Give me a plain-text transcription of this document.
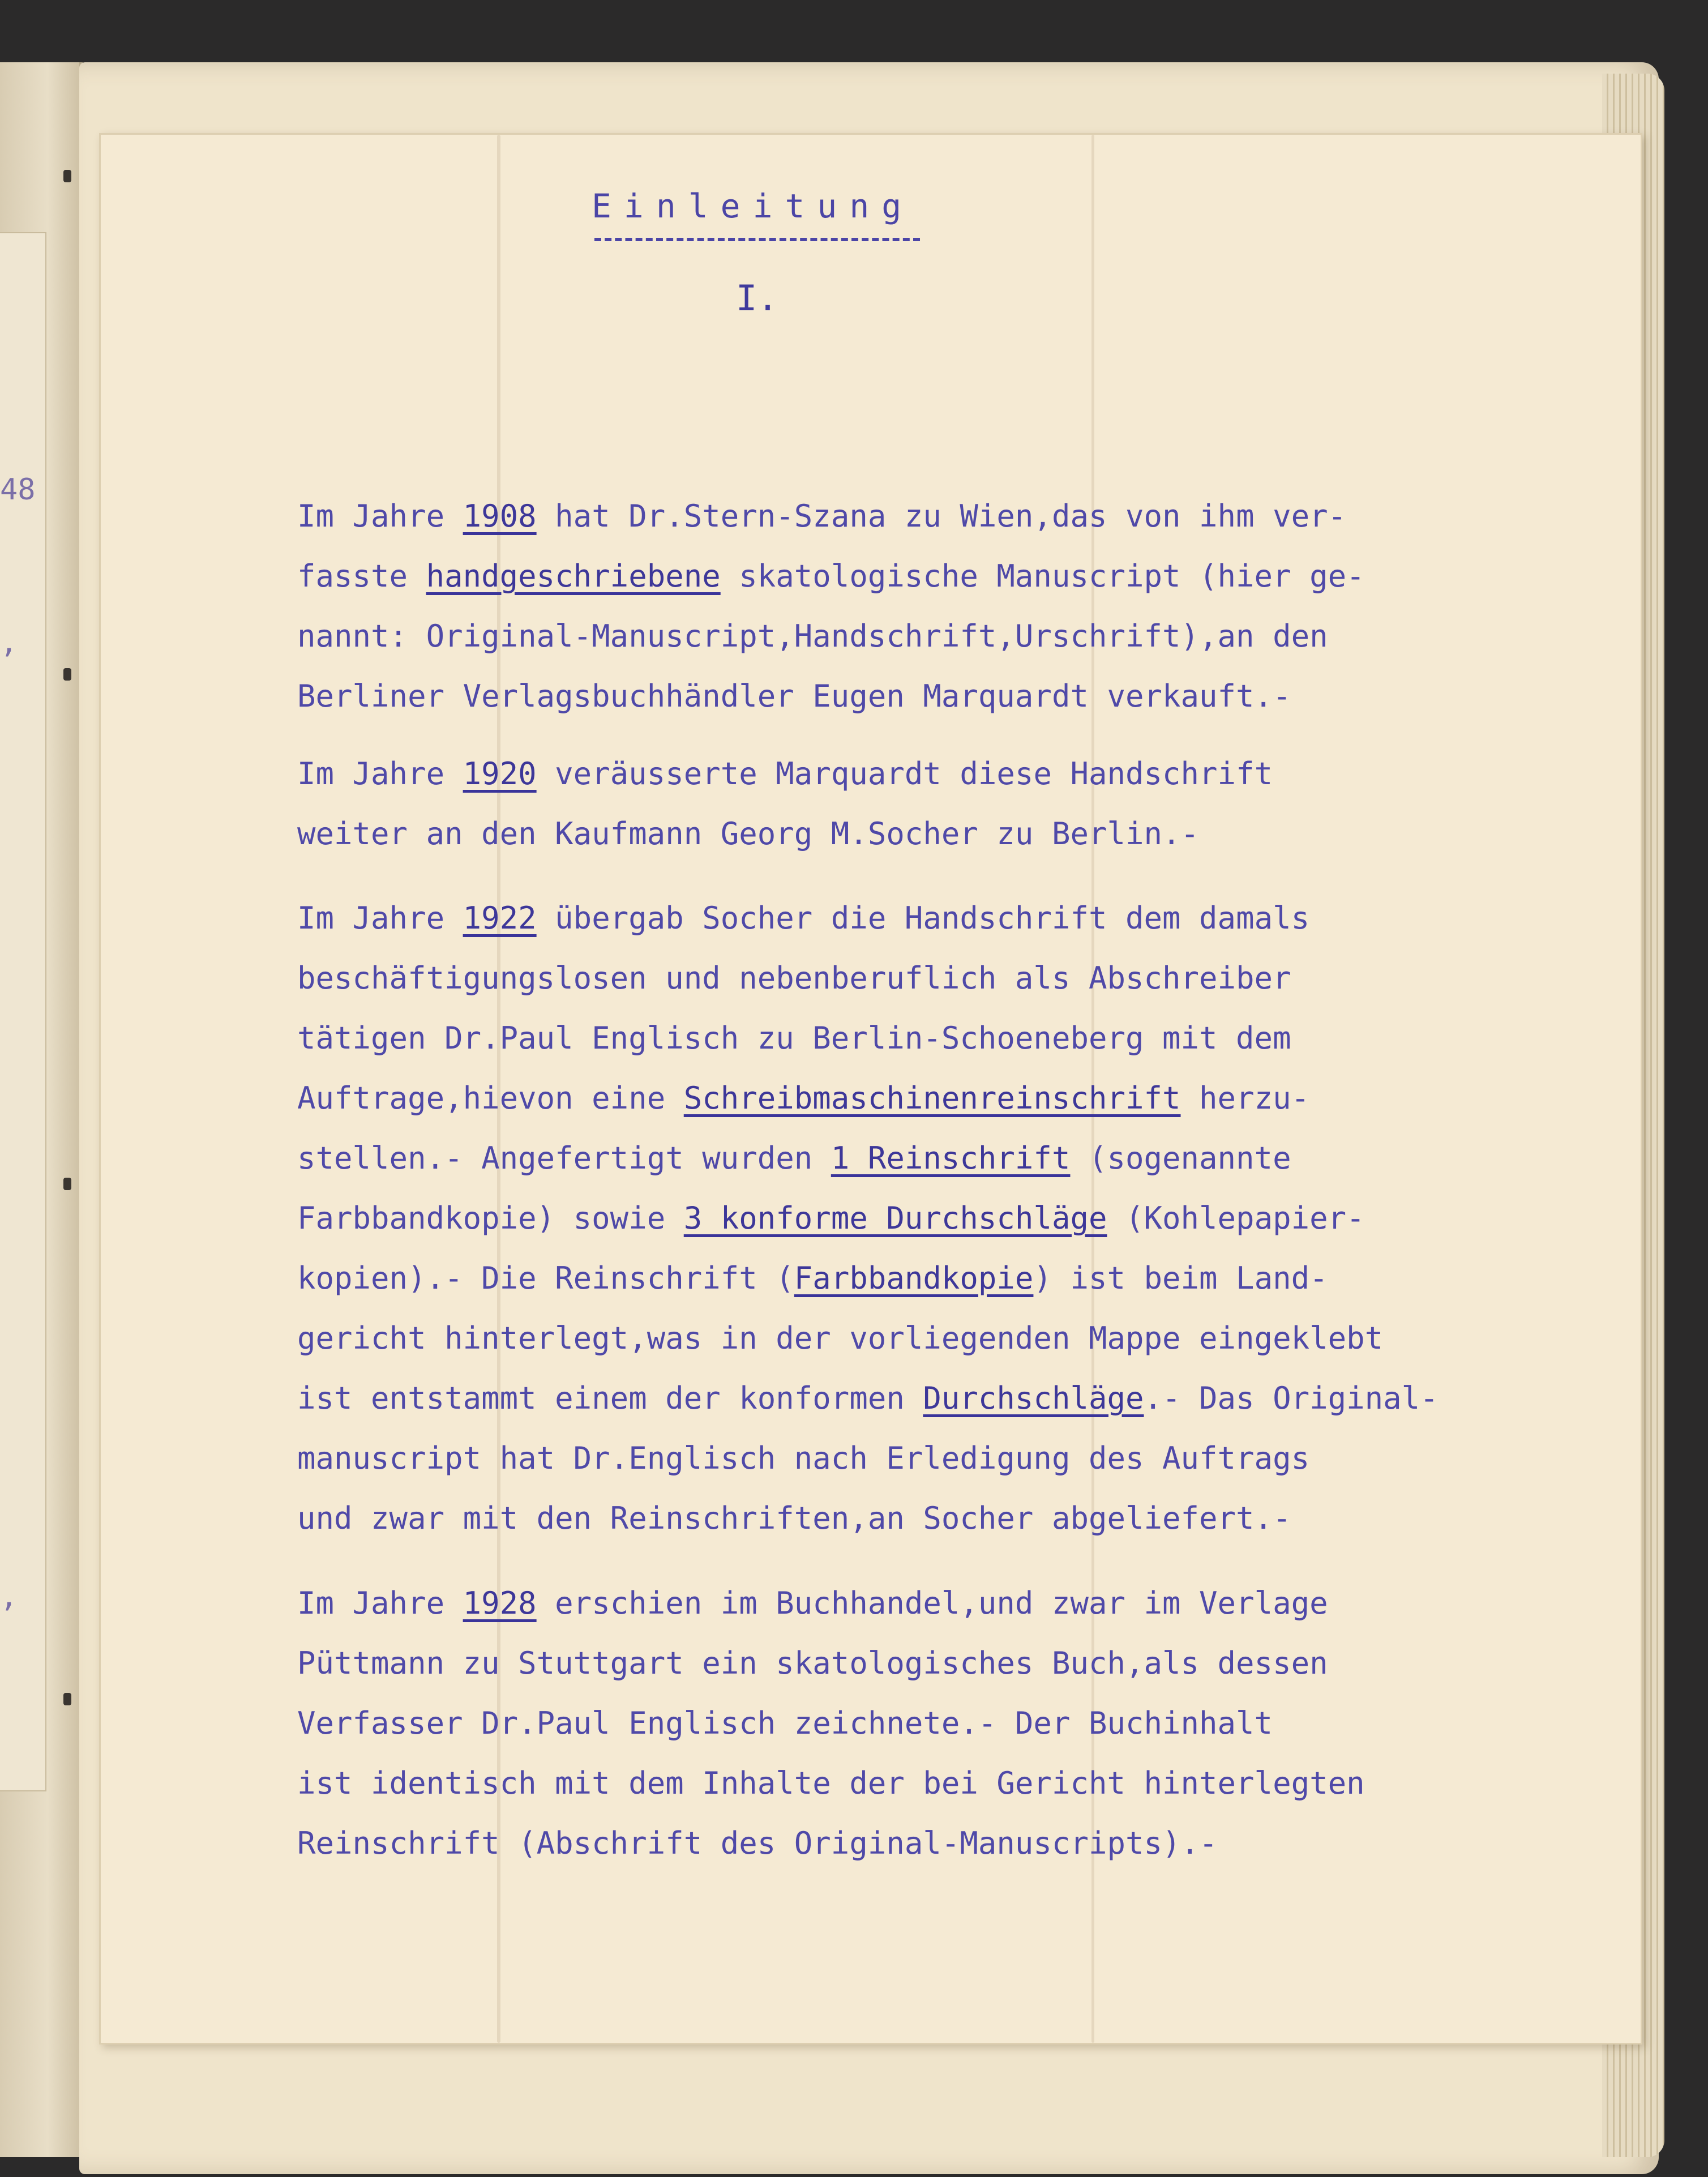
48
,
,
Einleitung
I.
Im Jahre 1908 hat Dr.Stern-Szana zu Wien,das von ihm ver-
fasste handgeschriebene skatologische Manuscript (hier ge-
nannt: Original-Manuscript,Handschrift,Urschrift),an den
Berliner Verlagsbuchhändler Eugen Marquardt verkauft.-
Im Jahre 1920 veräusserte Marquardt diese Handschrift
weiter an den Kaufmann Georg M.Socher zu Berlin.-
Im Jahre 1922 übergab Socher die Handschrift dem damals
beschäftigungslosen und nebenberuflich als Abschreiber
tätigen Dr.Paul Englisch zu Berlin-Schoeneberg mit dem
Auftrage,hievon eine Schreibmaschinenreinschrift herzu-
stellen.- Angefertigt wurden 1 Reinschrift (sogenannte
Farbbandkopie) sowie 3 konforme Durchschläge (Kohlepapier-
kopien).- Die Reinschrift (Farbbandkopie) ist beim Land-
gericht hinterlegt,was in der vorliegenden Mappe eingeklebt
ist entstammt einem der konformen Durchschläge.- Das Original-
manuscript hat Dr.Englisch nach Erledigung des Auftrags
und zwar mit den Reinschriften,an Socher abgeliefert.-
Im Jahre 1928 erschien im Buchhandel,und zwar im Verlage
Püttmann zu Stuttgart ein skatologisches Buch,als dessen
Verfasser Dr.Paul Englisch zeichnete.- Der Buchinhalt
ist identisch mit dem Inhalte der bei Gericht hinterlegten
Reinschrift (Abschrift des Original-Manuscripts).-
